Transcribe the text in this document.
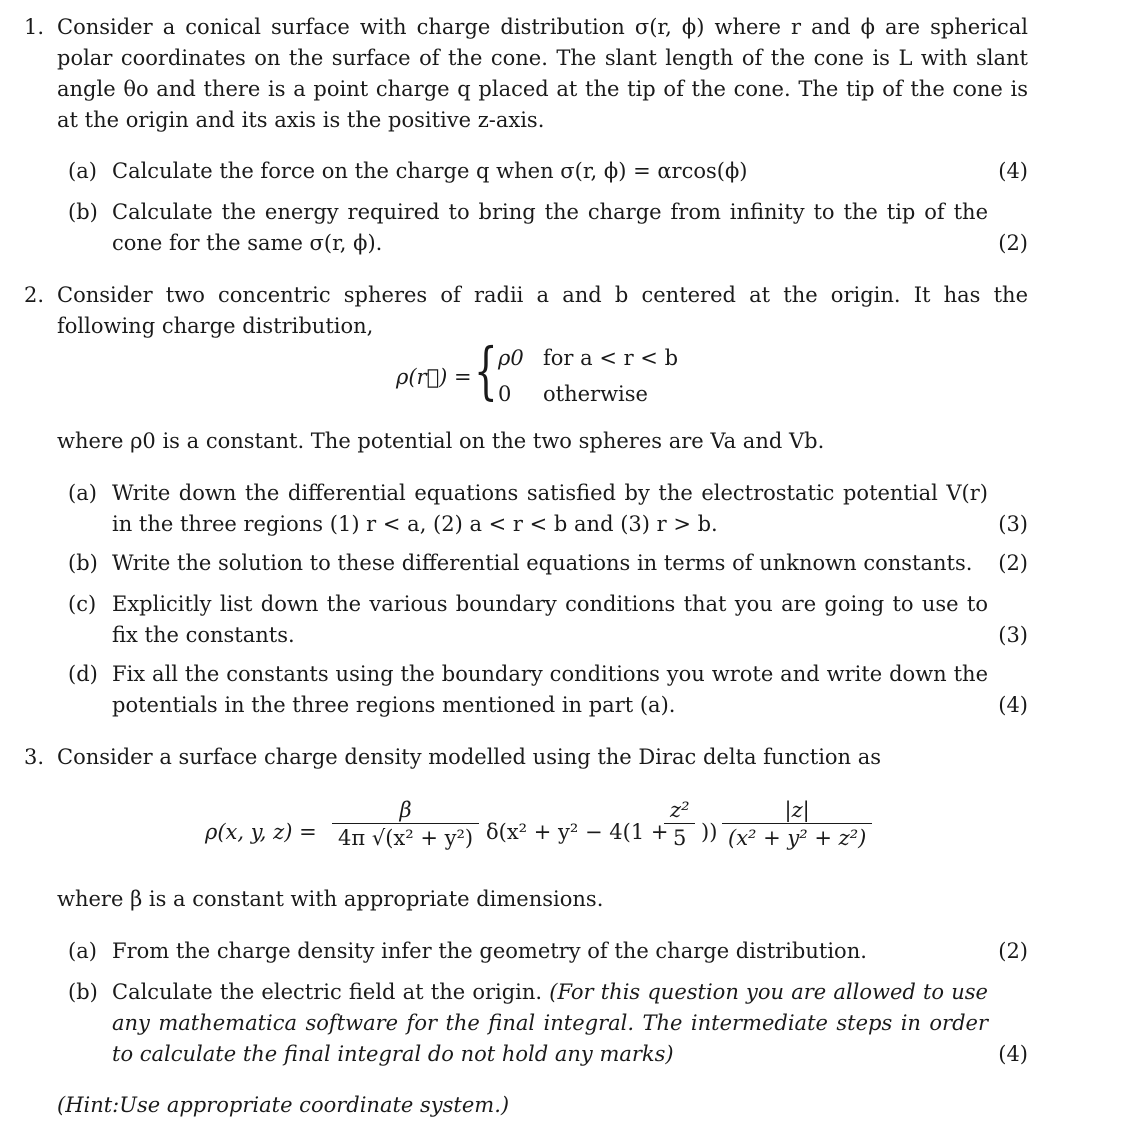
1. Consider a conical surface with charge distribution σ(r, ϕ) where r and ϕ are spherical polar coordinates on the surface of the cone. The slant length of the cone is L with slant angle θo and there is a point charge q placed at the tip of the cone. The tip of the cone is at the origin and its axis is the positive z-axis.
(a) Calculate the force on the charge q when σ(r, ϕ) = αrcos(ϕ)	(4)
(b) Calculate the energy required to bring the charge from infinity to the tip of the cone for the same σ(r, ϕ).	(2)
2. Consider two concentric spheres of radii a and b centered at the origin. It has the following charge distribution,
ρ(r⃗) = { ρ0 for a < r < b
0 otherwise
where ρ0 is a constant. The potential on the two spheres are Va and Vb.
(a) Write down the differential equations satisfied by the electrostatic potential V(r) in the three regions (1) r < a, (2) a < r < b and (3) r > b.	(3)
(b) Write the solution to these differential equations in terms of unknown constants.	(2)
(c) Explicitly list down the various boundary conditions that you are going to use to fix the constants.	(3)
(d) Fix all the constants using the boundary conditions you wrote and write down the potentials in the three regions mentioned in part (a).	(4)
3. Consider a surface charge density modelled using the Dirac delta function as
ρ(x, y, $z) = \frac{\beta}{\text{4π √(x² + y²)}} \delta(x^2 + y^2 - 4(1$ +
$\frac{\text{z²}}{5}$ )) $\frac{|z|}{\text{(x² + y² + z²)}}$
where β is a constant with appropriate dimensions.
(a) From the charge density infer the geometry of the charge distribution.	(2)
(b) Calculate the electric field at the origin. (For this question you are allowed to use any mathematica software for the final integral. The intermediate steps in order to calculate the final integral do not hold any marks)	(4)
(Hint:Use appropriate coordinate system.)
